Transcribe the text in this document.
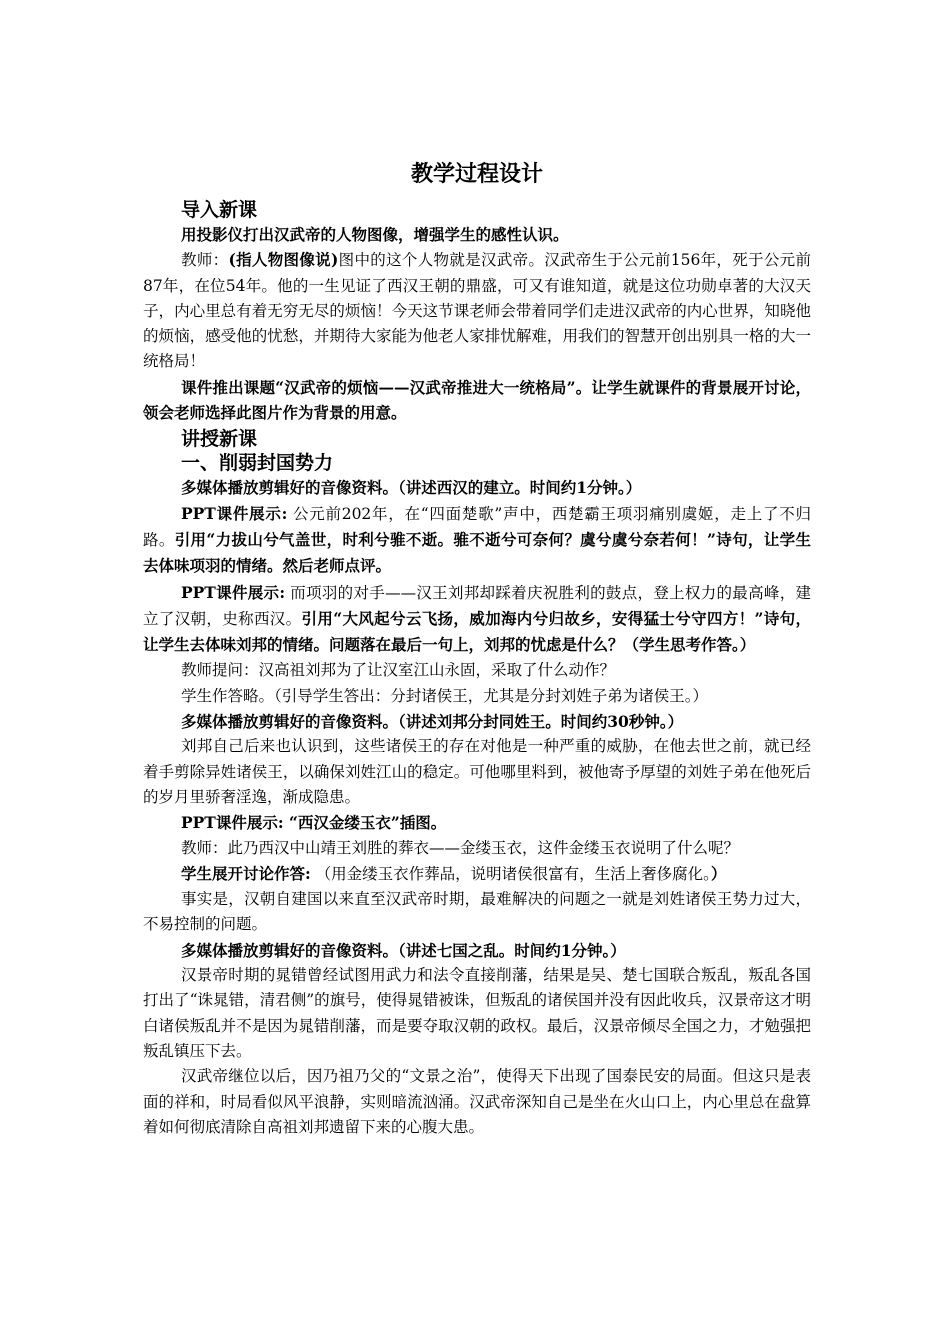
教学过程设计

导入新课

用投影仪打出汉武帝的人物图像，增强学生的感性认识。

教师：(指人物图像说)图中的这个人物就是汉武帝。汉武帝生于公元前156年，死于公元前87年，在位54年。他的一生见证了西汉王朝的鼎盛，可又有谁知道，就是这位功勋卓著的大汉天子，内心里总有着无穷无尽的烦恼！今天这节课老师会带着同学们走进汉武帝的内心世界，知晓他的烦恼，感受他的忧愁，并期待大家能为他老人家排忧解难，用我们的智慧开创出别具一格的大一统格局！

课件推出课题“汉武帝的烦恼——汉武帝推进大一统格局”。让学生就课件的背景展开讨论，领会老师选择此图片作为背景的用意。

讲授新课

一、削弱封国势力

多媒体播放剪辑好的音像资料。（讲述西汉的建立。时间约1分钟。）

PPT课件展示: 公元前202年，在“四面楚歌”声中，西楚霸王项羽痛别虞姬，走上了不归路。引用“力拔山兮气盖世，时利兮骓不逝。骓不逝兮可奈何？虞兮虞兮奈若何！”诗句，让学生去体味项羽的情绪。然后老师点评。

PPT课件展示: 而项羽的对手——汉王刘邦却踩着庆祝胜利的鼓点，登上权力的最高峰，建立了汉朝，史称西汉。引用“大风起兮云飞扬，威加海内兮归故乡，安得猛士兮守四方！”诗句，让学生去体味刘邦的情绪。问题落在最后一句上，刘邦的忧虑是什么？（学生思考作答。）

教师提问：汉高祖刘邦为了让汉室江山永固，采取了什么动作？

学生作答略。（引导学生答出：分封诸侯王，尤其是分封刘姓子弟为诸侯王。）

多媒体播放剪辑好的音像资料。（讲述刘邦分封同姓王。时间约30秒钟。）

刘邦自己后来也认识到，这些诸侯王的存在对他是一种严重的威胁，在他去世之前，就已经着手剪除异姓诸侯王，以确保刘姓江山的稳定。可他哪里料到，被他寄予厚望的刘姓子弟在他死后的岁月里骄奢淫逸，渐成隐患。

PPT课件展示: “西汉金缕玉衣”插图。

教师：此乃西汉中山靖王刘胜的葬衣——金缕玉衣，这件金缕玉衣说明了什么呢？

学生展开讨论作答: （用金缕玉衣作葬品，说明诸侯很富有，生活上奢侈腐化。）

事实是，汉朝自建国以来直至汉武帝时期，最难解决的问题之一就是刘姓诸侯王势力过大，不易控制的问题。

多媒体播放剪辑好的音像资料。（讲述七国之乱。时间约1分钟。）

汉景帝时期的晁错曾经试图用武力和法令直接削藩，结果是吴、楚七国联合叛乱，叛乱各国打出了“诛晁错，清君侧”的旗号，使得晁错被诛，但叛乱的诸侯国并没有因此收兵，汉景帝这才明白诸侯叛乱并不是因为晁错削藩，而是要夺取汉朝的政权。最后，汉景帝倾尽全国之力，才勉强把叛乱镇压下去。

汉武帝继位以后，因乃祖乃父的“文景之治”，使得天下出现了国泰民安的局面。但这只是表面的祥和，时局看似风平浪静，实则暗流汹涌。汉武帝深知自己是坐在火山口上，内心里总在盘算着如何彻底清除自高祖刘邦遗留下来的心腹大患。
